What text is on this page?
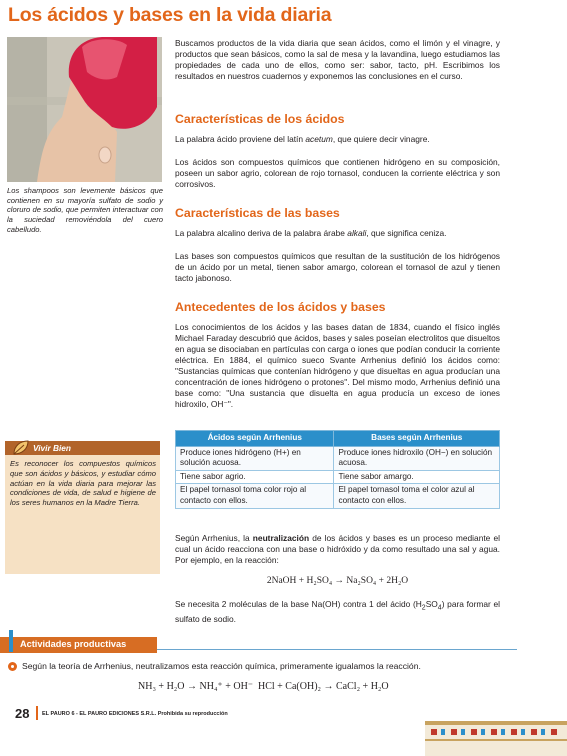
Los ácidos y bases en la vida diaria
Los shampoos son levemente básicos que contienen en su mayoría sulfato de sodio y cloruro de sodio, que permiten interactuar con la suciedad removiéndola del cuero cabelludo.
Buscamos productos de la vida diaria que sean ácidos, como el limón y el vinagre, y productos que sean básicos, como la sal de mesa y la lavandina, luego estudiamos las propiedades de cada uno de ellos, como ser: sabor, tacto, pH. Escribimos los resultados en nuestros cuadernos y exponemos las conclusiones en el curso.
Características de los ácidos
La palabra ácido proviene del latín acetum, que quiere decir vinagre.
Los ácidos son compuestos químicos que contienen hidrógeno en su composición, poseen un sabor agrio, colorean de rojo tornasol, conducen la corriente eléctrica y son corrosivos.
Características de las bases
La palabra alcalino deriva de la palabra árabe alkali, que significa ceniza.
Las bases son compuestos químicos que resultan de la sustitución de los hidrógenos de un ácido por un metal, tienen sabor amargo, colorean el tornasol de azul y tienen tacto jabonoso.
Antecedentes de los ácidos y bases
Los conocimientos de los ácidos y las bases datan de 1834, cuando el físico inglés Michael Faraday descubrió que ácidos, bases y sales poseían electrolitos que disueltos en agua se disociaban en partículas con carga o iones que podían conducir la corriente eléctrica. En 1884, el químico sueco Svante Arrhenius definió los ácidos como: "Sustancias químicas que contenían hidrógeno y que disueltas en agua producían una concentración de iones hidrógeno o protones". Del mismo modo, Arrhenius definió una base como: "Una sustancia que disuelta en agua producía un exceso de iones hidroxilo, OH⁻".
Ácidos según Arrhenius	Bases según Arrhenius
Produce iones hidrógeno (H+) en solución acuosa.	Produce iones hidroxilo (OH−) en solución acuosa.
Tiene sabor agrio.	Tiene sabor amargo.
El papel tornasol toma color rojo al contacto con ellos.	El papel tornasol toma el color azul al contacto con ellos.
Según Arrhenius, la neutralización de los ácidos y bases es un proceso mediante el cual un ácido reacciona con una base o hidróxido y da como resultado una sal y agua. Por ejemplo, en la reacción:
2NaOH + H₂SO₄ → Na₂SO₄ + 2H₂O
Se necesita 2 moléculas de la base Na(OH) contra 1 del ácido $(H_2SO_4)$ para formar el sulfato de sodio.
Vivir Bien
Es reconocer los compuestos químicos que son ácidos y básicos, y estudiar cómo actúan en la vida diaria para mejorar las condiciones de vida, de salud e higiene de los seres humanos en la Madre Tierra.
Actividades productivas
Según la teoría de Arrhenius, neutralizamos esta reacción química, primeramente igualamos la reacción.
NH₃ + H₂O → NH₄⁺ + OH⁻ HCl + Ca(OH)₂ → CaCl₂ + H₂O
28 EL PAURO 6 - EL PAURO EDICIONES S.R.L. Prohibida su reproducción
